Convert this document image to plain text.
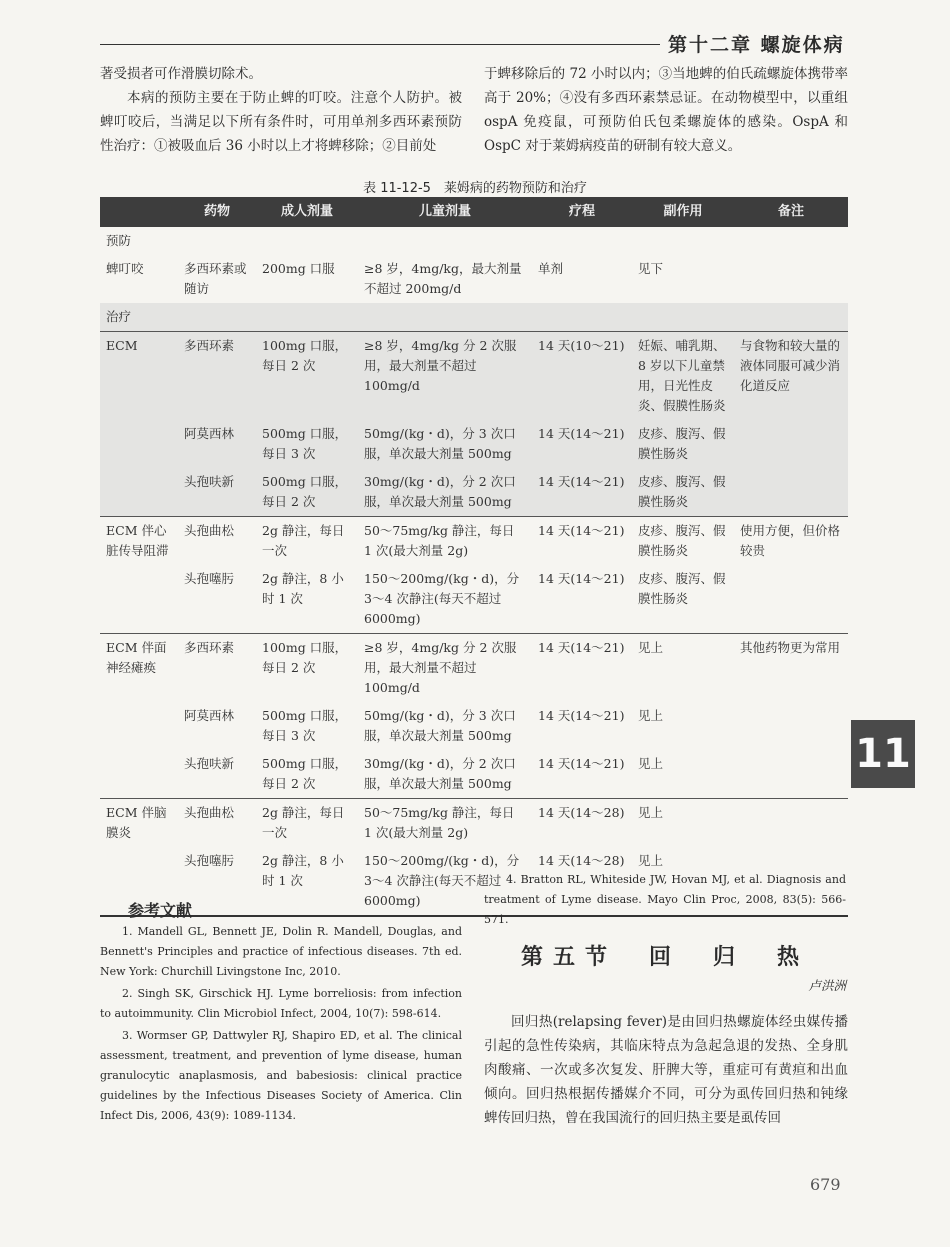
第十二章 螺旋体病
著受损者可作滑膜切除术。
本病的预防主要在于防止蜱的叮咬。注意个人防护。被蜱叮咬后，当满足以下所有条件时，可用单剂多西环素预防性治疗：①被吸血后 36 小时以上才将蜱移除；②目前处
于蜱移除后的 72 小时以内；③当地蜱的伯氏疏螺旋体携带率高于 20%；④没有多西环素禁忌证。在动物模型中，以重组 ospA 免疫鼠，可预防伯氏包柔螺旋体的感染。OspA 和 OspC 对于莱姆病疫苗的研制有较大意义。
表 11-12-5　莱姆病的药物预防和治疗
	药物	成人剂量	儿童剂量	疗程	副作用	备注
预防						
蜱叮咬	多西环素或随访	200mg 口服	≥8 岁，4mg/kg，最大剂量不超过 200mg/d	单剂	见下	
治疗						
ECM	多西环素	100mg 口服，每日 2 次	≥8 岁，4mg/kg 分 2 次服用，最大剂量不超过 100mg/d	14 天(10～21)	妊娠、哺乳期、8 岁以下儿童禁用，日光性皮炎、假膜性肠炎	与食物和较大量的液体同服可减少消化道反应
	阿莫西林	500mg 口服，每日 3 次	50mg/(kg・d)，分 3 次口服，单次最大剂量 500mg	14 天(14～21)	皮疹、腹泻、假膜性肠炎	
	头孢呋新	500mg 口服，每日 2 次	30mg/(kg・d)，分 2 次口服，单次最大剂量 500mg	14 天(14～21)	皮疹、腹泻、假膜性肠炎	
ECM 伴心脏传导阻滞	头孢曲松	2g 静注，每日一次	50～75mg/kg 静注，每日 1 次(最大剂量 2g)	14 天(14～21)	皮疹、腹泻、假膜性肠炎	使用方便，但价格较贵
	头孢噻肟	2g 静注，8 小时 1 次	150～200mg/(kg・d)，分 3～4 次静注(每天不超过 6000mg)	14 天(14～21)	皮疹、腹泻、假膜性肠炎	
ECM 伴面神经瘫痪	多西环素	100mg 口服，每日 2 次	≥8 岁，4mg/kg 分 2 次服用，最大剂量不超过 100mg/d	14 天(14～21)	见上	其他药物更为常用
	阿莫西林	500mg 口服，每日 3 次	50mg/(kg・d)，分 3 次口服，单次最大剂量 500mg	14 天(14～21)	见上	
	头孢呋新	500mg 口服，每日 2 次	30mg/(kg・d)，分 2 次口服，单次最大剂量 500mg	14 天(14～21)	见上	
ECM 伴脑膜炎	头孢曲松	2g 静注，每日一次	50～75mg/kg 静注，每日 1 次(最大剂量 2g)	14 天(14～28)	见上	
	头孢噻肟	2g 静注，8 小时 1 次	150～200mg/(kg・d)，分 3～4 次静注(每天不超过 6000mg)	14 天(14～28)	见上	
参考文献

1. Mandell GL, Bennett JE, Dolin R. Mandell, Douglas, and Bennett's Principles and practice of infectious diseases. 7th ed. New York: Churchill Livingstone Inc, 2010.

2. Singh SK, Girschick HJ. Lyme borreliosis: from infection to autoimmunity. Clin Microbiol Infect, 2004, 10(7): 598-614.

3. Wormser GP, Dattwyler RJ, Shapiro ED, et al. The clinical assessment, treatment, and prevention of lyme disease, human granulocytic anaplasmosis, and babesiosis: clinical practice guidelines by the Infectious Diseases Society of America. Clin Infect Dis, 2006, 43(9): 1089-1134.

4. Bratton RL, Whiteside JW, Hovan MJ, et al. Diagnosis and treatment of Lyme disease. Mayo Clin Proc, 2008, 83(5): 566-571.
第五节　回　归　热
卢洪洲
回归热(relapsing fever)是由回归热螺旋体经虫媒传播引起的急性传染病，其临床特点为急起急退的发热、全身肌肉酸痛、一次或多次复发、肝脾大等，重症可有黄疸和出血倾向。回归热根据传播媒介不同，可分为虱传回归热和钝缘蜱传回归热，曾在我国流行的回归热主要是虱传回
11
679
